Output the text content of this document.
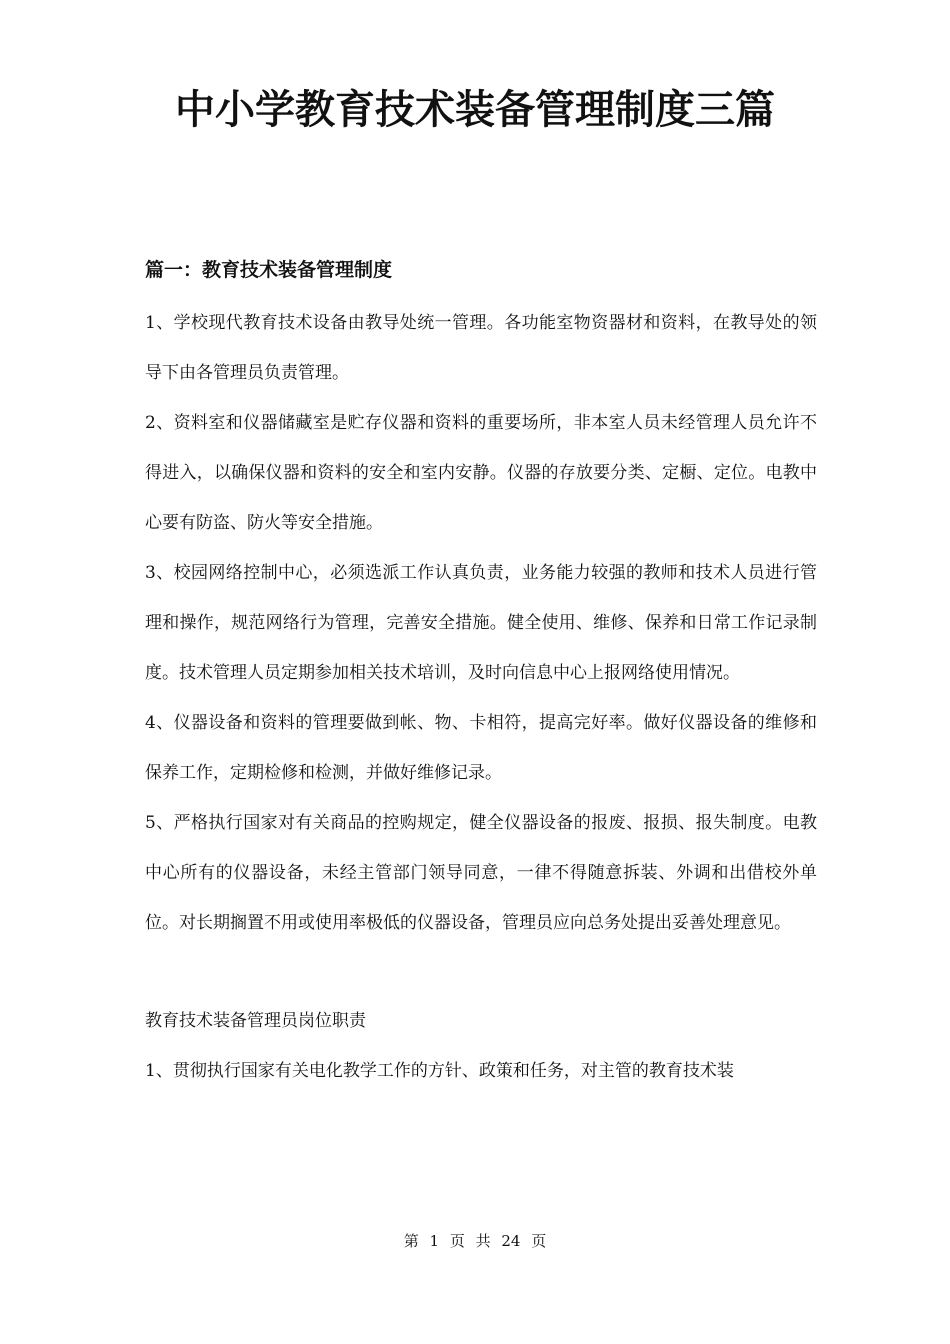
中小学教育技术装备管理制度三篇
篇一：教育技术装备管理制度

1、学校现代教育技术设备由教导处统一管理。各功能室物资器材和资料，在教导处的领导下由各管理员负责管理。

2、资料室和仪器储藏室是贮存仪器和资料的重要场所，非本室人员未经管理人员允许不得进入，以确保仪器和资料的安全和室内安静。仪器的存放要分类、定橱、定位。电教中心要有防盗、防火等安全措施。

3、校园网络控制中心，必须选派工作认真负责，业务能力较强的教师和技术人员进行管理和操作，规范网络行为管理，完善安全措施。健全使用、维修、保养和日常工作记录制度。技术管理人员定期参加相关技术培训，及时向信息中心上报网络使用情况。

4、仪器设备和资料的管理要做到帐、物、卡相符，提高完好率。做好仪器设备的维修和保养工作，定期检修和检测，并做好维修记录。

5、严格执行国家对有关商品的控购规定，健全仪器设备的报废、报损、报失制度。电教中心所有的仪器设备，未经主管部门领导同意，一律不得随意拆装、外调和出借校外单位。对长期搁置不用或使用率极低的仪器设备，管理员应向总务处提出妥善处理意见。

教育技术装备管理员岗位职责

1、贯彻执行国家有关电化教学工作的方针、政策和任务，对主管的教育技术装

第 1 页 共 24 页
